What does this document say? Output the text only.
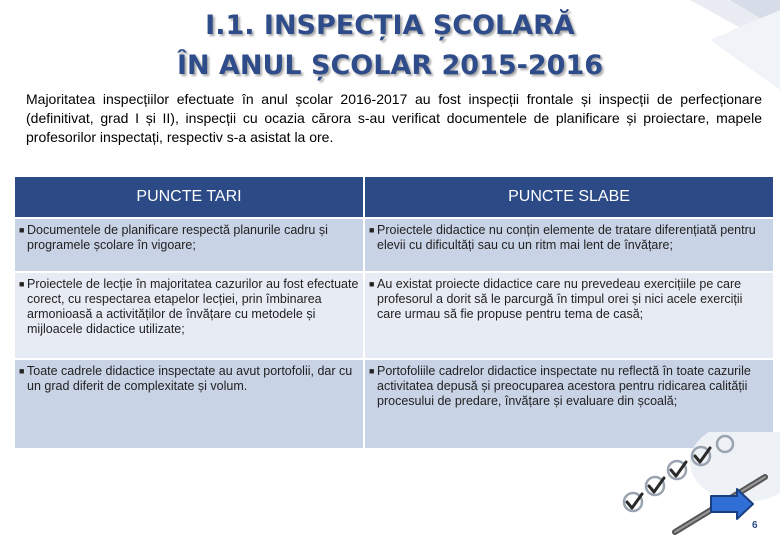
I.1. INSPECȚIA ȘCOLARĂ
ÎN ANUL ȘCOLAR 2015-2016
Majoritatea inspecțiilor efectuate în anul școlar 2016-2017 au fost inspecții frontale și inspecții de perfecționare (definitivat, grad I și II), inspecții cu ocazia cărora s-au verificat documentele de planificare și proiectare, mapele profesorilor inspectați, respectiv s-a asistat la ore.
PUNCTE TARI	PUNCTE SLABE

■ Documentele de planificare respectă planurile cadru și programele școlare în vigoare;	■ Proiectele didactice nu conțin elemente de tratare diferențiată pentru elevii cu dificultăți sau cu un ritm mai lent de învățare;

■ Proiectele de lecție în majoritatea cazurilor au fost efectuate corect, cu respectarea etapelor lecției, prin îmbinarea armonioasă a activităților de învățare cu metodele și mijloacele didactice utilizate;	■ Au existat proiecte didactice care nu prevedeau exercițiile pe care profesorul a dorit să le parcurgă în timpul orei și nici acele exerciții care urmau să fie propuse pentru tema de casă;

■ Toate cadrele didactice inspectate au avut portofolii, dar cu un grad diferit de complexitate și volum.	■ Portofoliile cadrelor didactice inspectate nu reflectă în toate cazurile activitatea depusă și preocuparea acestora pentru ridicarea calității procesului de predare, învățare și evaluare din școală;
6
